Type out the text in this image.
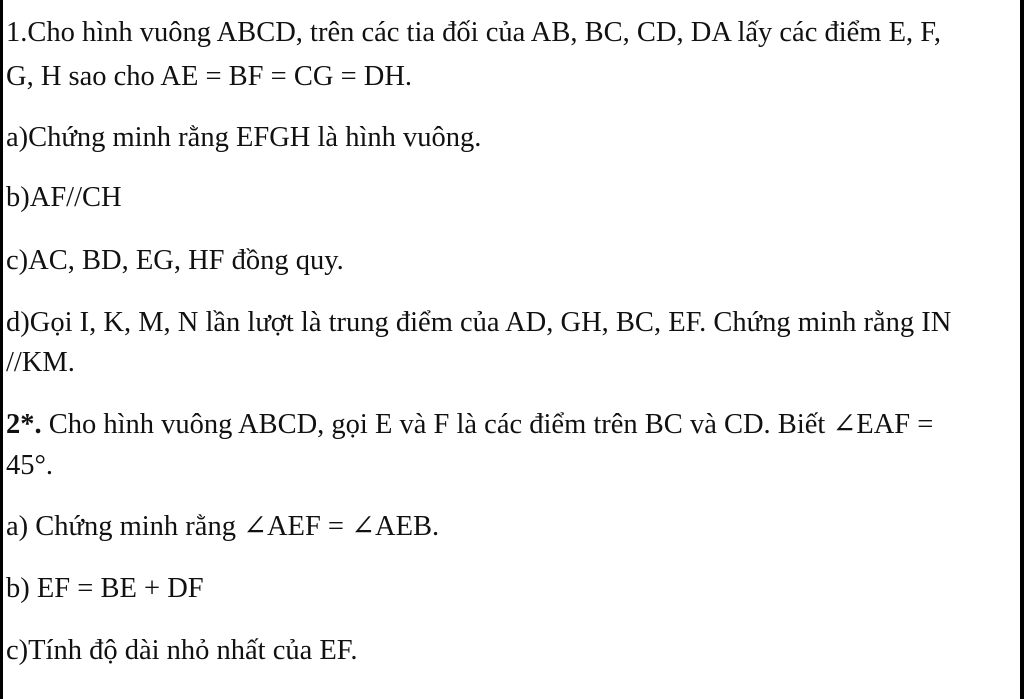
1.Cho hình vuông ABCD, trên các tia đối của AB, BC, CD, DA lấy các điểm E, F,
G, H sao cho AE = BF = CG = DH.
a)Chứng minh rằng EFGH là hình vuông.
b)AF//CH
c)AC, BD, EG, HF đồng quy.
d)Gọi I, K, M, N lần lượt là trung điểm của AD, GH, BC, EF. Chứng minh rằng IN
//KM.
2*. Cho hình vuông ABCD, gọi E và F là các điểm trên BC và CD. Biết ∠EAF =
45°.
a) Chứng minh rằng ∠AEF = ∠AEB.
b) EF = BE + DF
c)Tính độ dài nhỏ nhất của EF.
